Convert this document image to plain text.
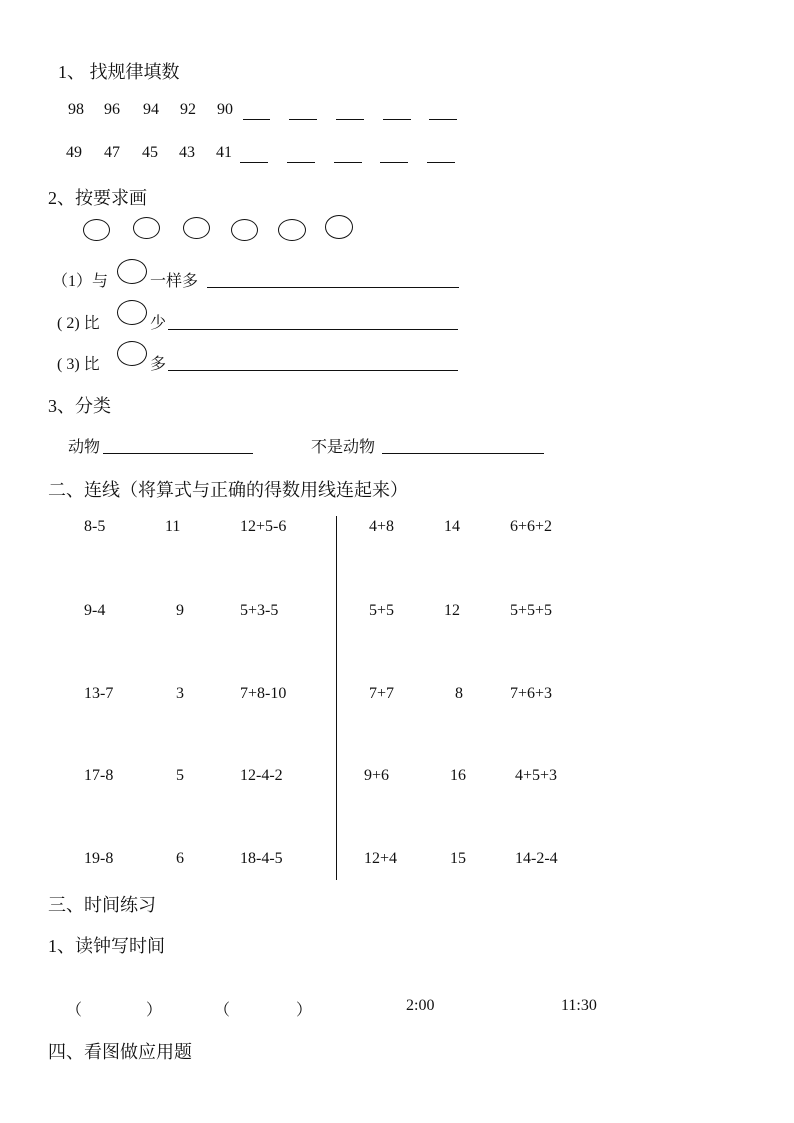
1、 找规律填数
98 96 94 92 90
49 47 45 43 41
2、按要求画
（1）与	一样多
( 2) 比	少
( 3) 比	多
3、分类
动物	不是动物
二、连线（将算式与正确的得数用线连起来）
8-5	11	12+5-6	4+8	14	6+6+2
9-4	9	5+3-5	5+5	12	5+5+5
13-7	3	7+8-10	7+7	8	7+6+3
17-8	5	12-4-2	9+6	16	4+5+3
19-8	6	18-4-5	12+4	15	14-2-4
三、时间练习
1、读钟写时间
（	）	（	）	2:00	11:30
四、看图做应用题
